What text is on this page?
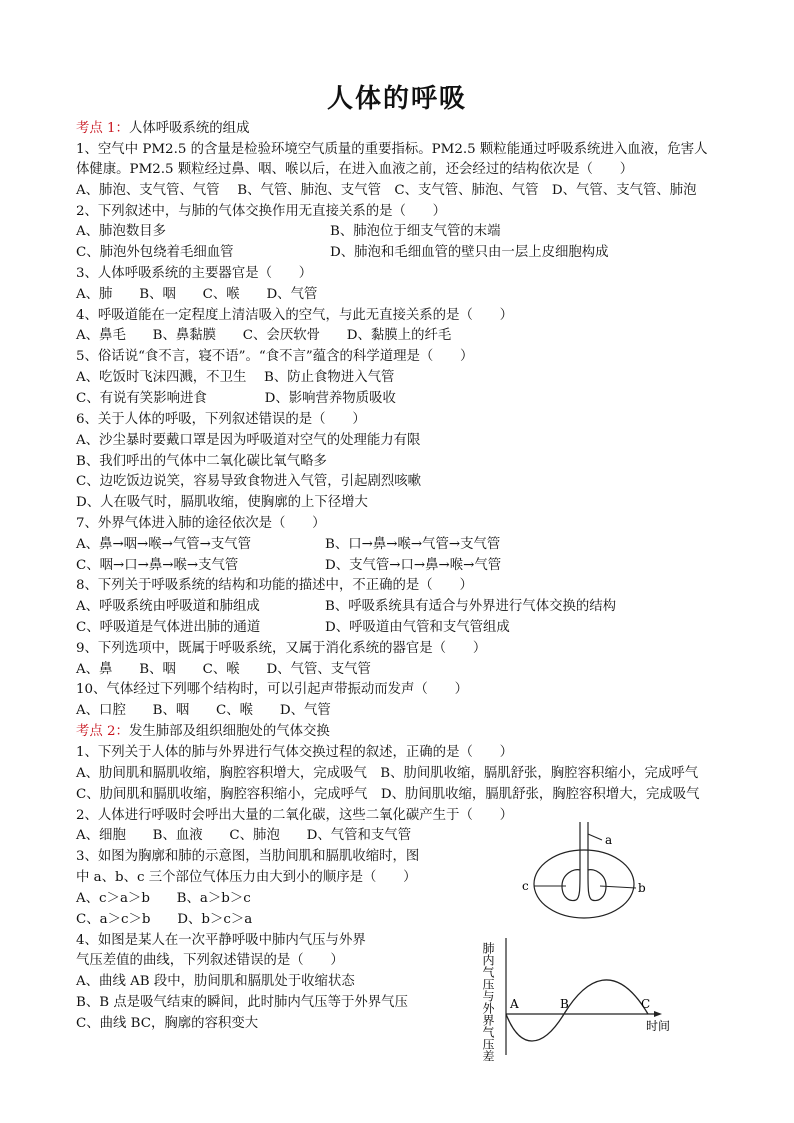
人体的呼吸
考点 1：人体呼吸系统的组成
1、空气中 PM2.5 的含量是检验环境空气质量的重要指标。PM2.5 颗粒能通过呼吸系统进入血液，危害人
体健康。PM2.5 颗粒经过鼻、咽、喉以后，在进入血液之前，还会经过的结构依次是（　　）
A、肺泡、支气管、气管　 B、气管、肺泡、支气管　C、支气管、肺泡、气管　D、气管、支气管、肺泡
2、下列叙述中，与肺的气体交换作用无直接关系的是（　　）
A、肺泡数目多	B、肺泡位于细支气管的末端
C、肺泡外包绕着毛细血管	D、肺泡和毛细血管的壁只由一层上皮细胞构成
3、人体呼吸系统的主要器官是（　　）
A、肺　　B、咽　　C、喉　　D、气管
4、呼吸道能在一定程度上清洁吸入的空气，与此无直接关系的是（　　）
A、鼻毛　　B、鼻黏膜　　C、会厌软骨　　D、黏膜上的纤毛
5、俗话说“食不言，寝不语”。“食不言”蕴含的科学道理是（　　）
A、吃饭时飞沫四溅，不卫生　 B、防止食物进入气管
C、有说有笑影响进食　　　　 D、影响营养物质吸收
6、关于人体的呼吸，下列叙述错误的是（　　）
A、沙尘暴时要戴口罩是因为呼吸道对空气的处理能力有限
B、我们呼出的气体中二氧化碳比氧气略多
C、边吃饭边说笑，容易导致食物进入气管，引起剧烈咳嗽
D、人在吸气时，膈肌收缩，使胸廓的上下径增大
7、外界气体进入肺的途径依次是（　　）
A、鼻→咽→喉→气管→支气管	B、口→鼻→喉→气管→支气管
C、咽→口→鼻→喉→支气管	D、支气管→口→鼻→喉→气管
8、下列关于呼吸系统的结构和功能的描述中，不正确的是（　　）
A、呼吸系统由呼吸道和肺组成	B、呼吸系统具有适合与外界进行气体交换的结构
C、呼吸道是气体进出肺的通道	D、呼吸道由气管和支气管组成
9、下列选项中，既属于呼吸系统，又属于消化系统的器官是（　　）
A、鼻　　B、咽　　C、喉　　D、气管、支气管
10、气体经过下列哪个结构时，可以引起声带振动而发声（　　）
A、口腔　　B、咽　　C、喉　　D、气管
考点 2：发生肺部及组织细胞处的气体交换
1、下列关于人体的肺与外界进行气体交换过程的叙述，正确的是（　　）
A、肋间肌和膈肌收缩，胸腔容积增大，完成吸气　B、肋间肌收缩，膈肌舒张，胸腔容积缩小，完成呼气
C、肋间肌和膈肌收缩，胸腔容积缩小，完成呼气　D、肋间肌收缩，膈肌舒张，胸腔容积增大，完成吸气
2、人体进行呼吸时会呼出大量的二氧化碳，这些二氧化碳产生于（　　）
A、细胞　　B、血液　　C、肺泡　　D、气管和支气管
3、如图为胸廓和肺的示意图，当肋间肌和膈肌收缩时，图
中 a、b、c 三个部位气体压力由大到小的顺序是（　　）
A、c＞a＞b　　B、a＞b＞c
C、a＞c＞b　　D、b＞c＞a
4、如图是某人在一次平静呼吸中肺内气压与外界
气压差值的曲线，下列叙述错误的是（　　）
A、曲线 AB 段中，肋间肌和膈肌处于收缩状态
B、B 点是吸气结束的瞬间，此时肺内气压等于外界气压
C、曲线 BC，胸廓的容积变大
a
b
c
A	B	C
时间
肺内气压与外界气压差
